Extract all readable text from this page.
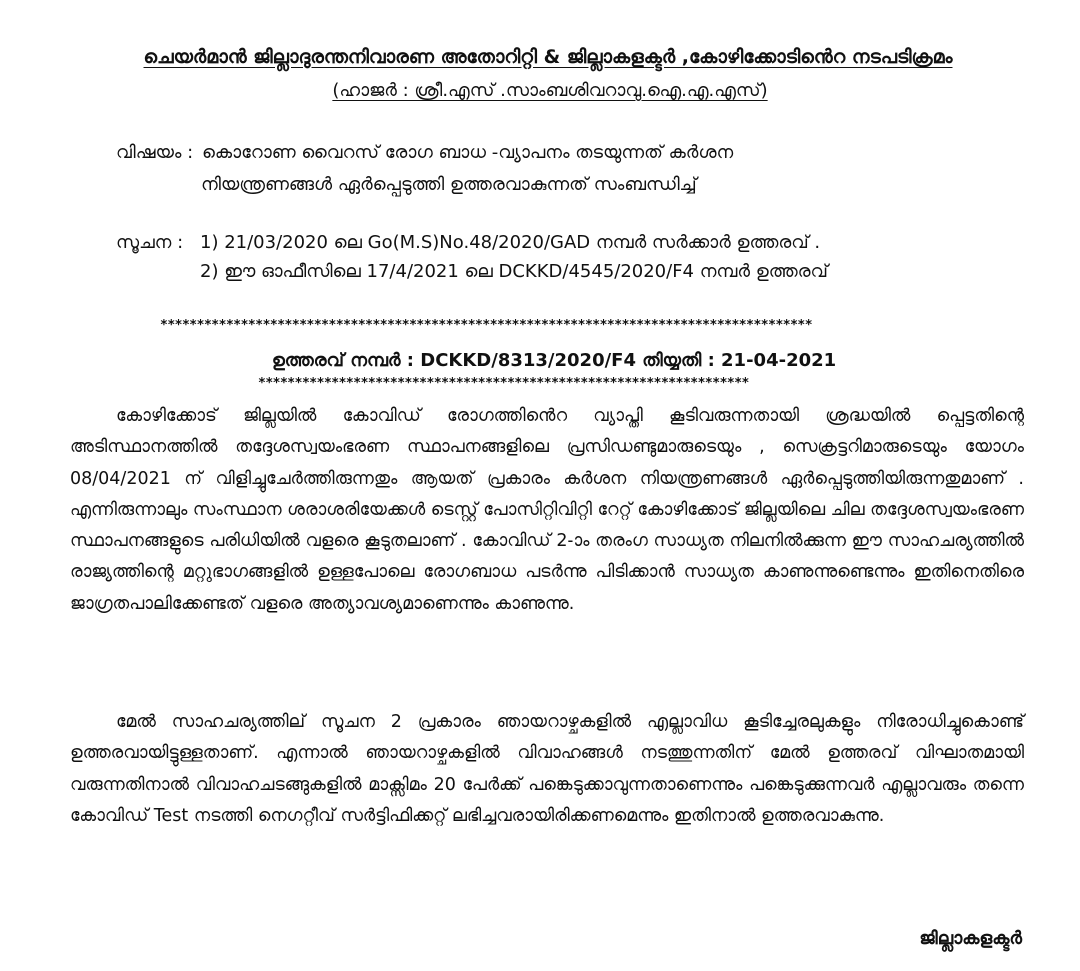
ചെയർമാൻ ജില്ലാദുരന്തനിവാരണ അതോറിറ്റി & ജില്ലാകളക്ടർ ,കോഴിക്കോടിൻെറ നടപടിക്രമം
(ഹാജർ : ശ്രീ.എസ് .സാംബശിവറാവു.ഐ.എ.എസ്)
വിഷയം : കൊറോണ വൈറസ് രോഗ ബാധ -വ്യാപനം തടയുന്നത് കർശന
നിയന്ത്രണങ്ങൾ ഏർപ്പെടുത്തി ഉത്തരവാകുന്നത് സംബന്ധിച്ച്
സൂചന : 1) 21/03/2020 ലെ Go(M.S)No.48/2020/GAD നമ്പർ സർക്കാർ ഉത്തരവ് .
2) ഈ ഓഫീസിലെ 17/4/2021 ലെ DCKKD/4545/2020/F4 നമ്പർ ഉത്തരവ്
*****************************************************************************************
ഉത്തരവ് നമ്പർ : DCKKD/8313/2020/F4 തിയ്യതി : 21-04-2021
*******************************************************************
കോഴിക്കോട് ജില്ലയിൽ കോവിഡ് രോഗത്തിൻെറ വ്യാപ്തി കൂടിവരുന്നതായി ശ്രദ്ധയിൽ പ്പെട്ടതിന്റെ അടിസ്ഥാനത്തിൽ തദ്ദേശസ്വയംഭരണ സ്ഥാപനങ്ങളിലെ പ്രസിഡണ്ടുമാരുടെയും , സെക്രട്ടറിമാരുടെയും യോഗം 08/04/2021 ന് വിളിച്ചുചേർത്തിരുന്നതും ആയത് പ്രകാരം കർശന നിയന്ത്രണങ്ങൾ ഏർപ്പെടുത്തിയിരുന്നതുമാണ് . എന്നിരുന്നാലും സംസ്ഥാന ശരാശരിയേക്കൾ ടെസ്റ്റ് പോസിറ്റിവിറ്റി റേറ്റ് കോഴിക്കോട് ജില്ലയിലെ ചില തദ്ദേശസ്വയംഭരണ സ്ഥാപനങ്ങളുടെ പരിധിയിൽ വളരെ കൂടുതലാണ് . കോവിഡ് 2-ാം തരംഗ സാധ്യത നിലനിൽക്കുന്ന ഈ സാഹചര്യത്തിൽ രാജ്യത്തിന്റെ മറ്റുഭാഗങ്ങളിൽ ഉള്ളപോലെ രോഗബാധ പടർന്നു പിടിക്കാൻ സാധ്യത കാണുന്നുണ്ടെന്നും ഇതിനെതിരെ ജാഗ്രതപാലിക്കേണ്ടത് വളരെ അത്യാവശ്യമാണെന്നും കാണുന്നു.
മേൽ സാഹചര്യത്തില് സൂചന 2 പ്രകാരം ഞായറാഴ്ചകളിൽ എല്ലാവിധ കൂടിച്ചേരലുകളും നിരോധിച്ചുകൊണ്ട് ഉത്തരവായിട്ടുള്ളതാണ്. എന്നാൽ ഞായറാഴ്ചകളിൽ വിവാഹങ്ങൾ നടത്തുന്നതിന് മേൽ ഉത്തരവ് വിഘാതമായി വരുന്നതിനാൽ വിവാഹചടങ്ങുകളിൽ മാക്സിമം 20 പേർക്ക് പങ്കെടുക്കാവുന്നതാണെന്നും പങ്കെടുക്കുന്നവർ എല്ലാവരും തന്നെ കോവിഡ് Test നടത്തി നെഗറ്റീവ് സർട്ടിഫിക്കറ്റ് ലഭിച്ചവരായിരിക്കണമെന്നും ഇതിനാൽ ഉത്തരവാകുന്നു.
ജില്ലാകളക്ടർ
